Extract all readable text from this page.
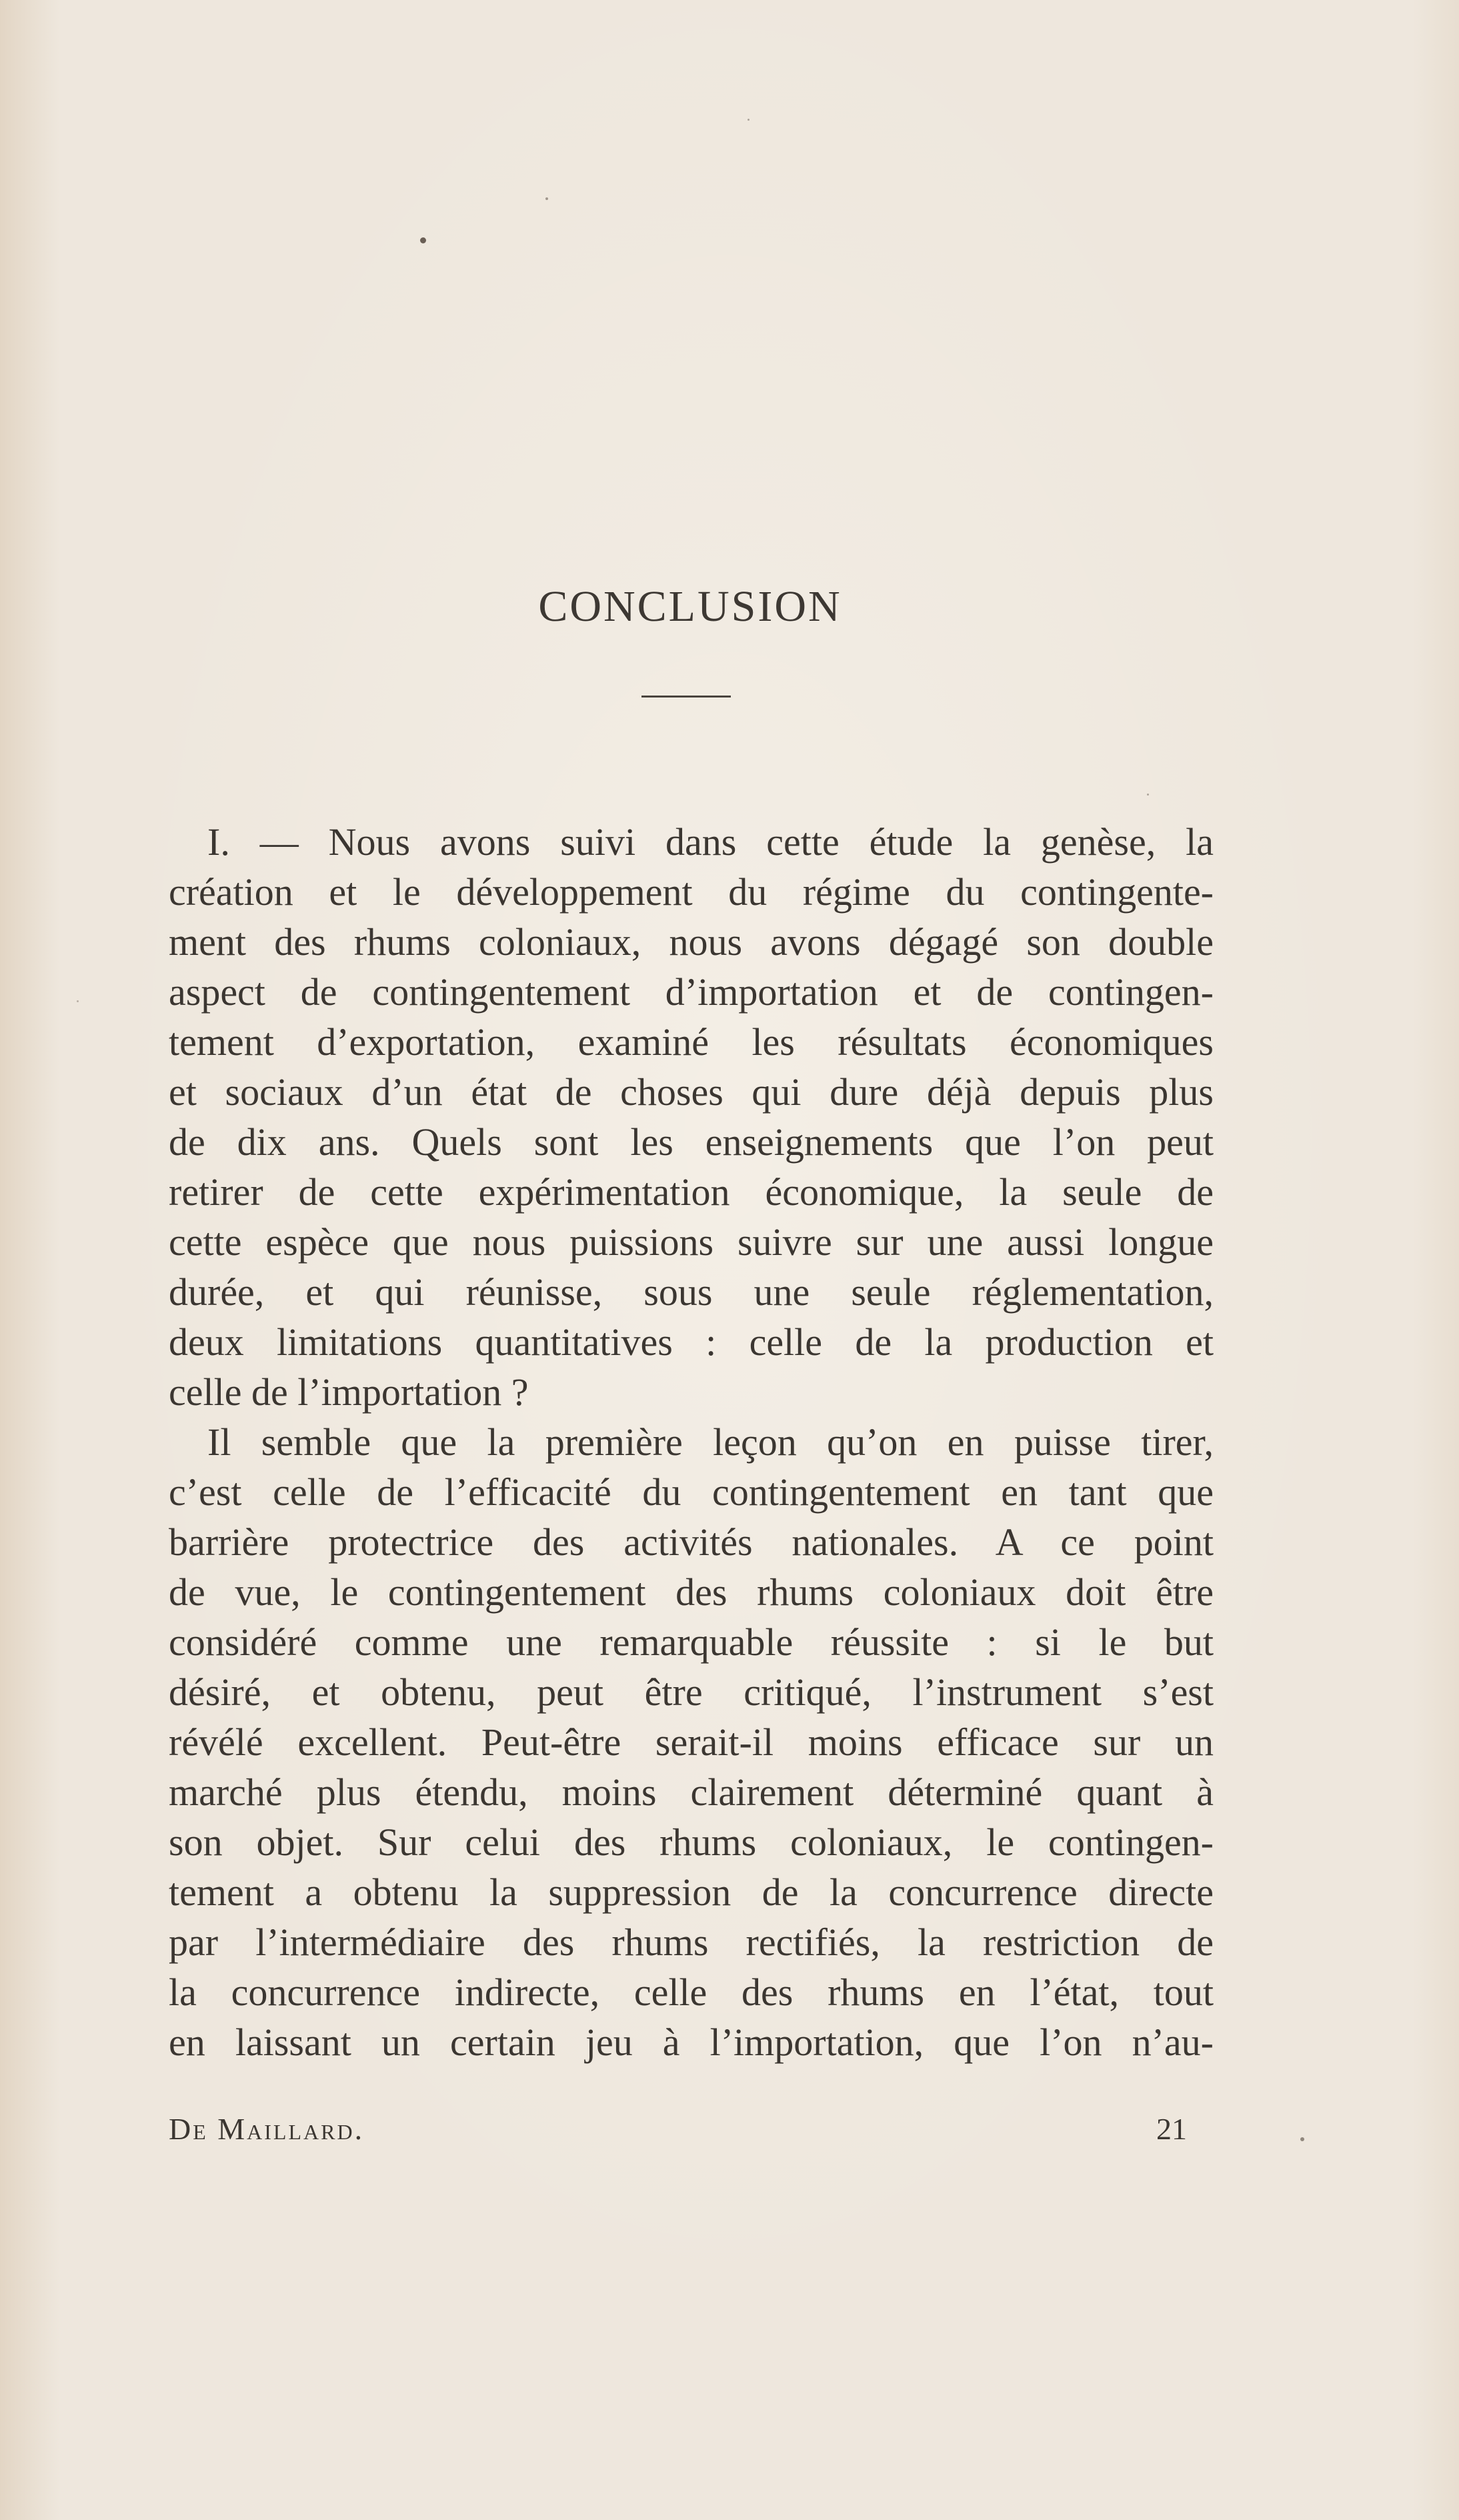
CONCLUSION
I. — Nous avons suivi dans cette étude la genèse, la
création et le développement du régime du contingente-
ment des rhums coloniaux, nous avons dégagé son double
aspect de contingentement d’importation et de contingen-
tement d’exportation, examiné les résultats économiques
et sociaux d’un état de choses qui dure déjà depuis plus
de dix ans. Quels sont les enseignements que l’on peut
retirer de cette expérimentation économique, la seule de
cette espèce que nous puissions suivre sur une aussi longue
durée, et qui réunisse, sous une seule réglementation,
deux limitations quantitatives : celle de la production et
celle de l’importation ?
Il semble que la première leçon qu’on en puisse tirer,
c’est celle de l’efficacité du contingentement en tant que
barrière protectrice des activités nationales. A ce point
de vue, le contingentement des rhums coloniaux doit être
considéré comme une remarquable réussite : si le but
désiré, et obtenu, peut être critiqué, l’instrument s’est
révélé excellent. Peut-être serait-il moins efficace sur un
marché plus étendu, moins clairement déterminé quant à
son objet. Sur celui des rhums coloniaux, le contingen-
tement a obtenu la suppression de la concurrence directe
par l’intermédiaire des rhums rectifiés, la restriction de
la concurrence indirecte, celle des rhums en l’état, tout
en laissant un certain jeu à l’importation, que l’on n’au-
De Maillard.	21
